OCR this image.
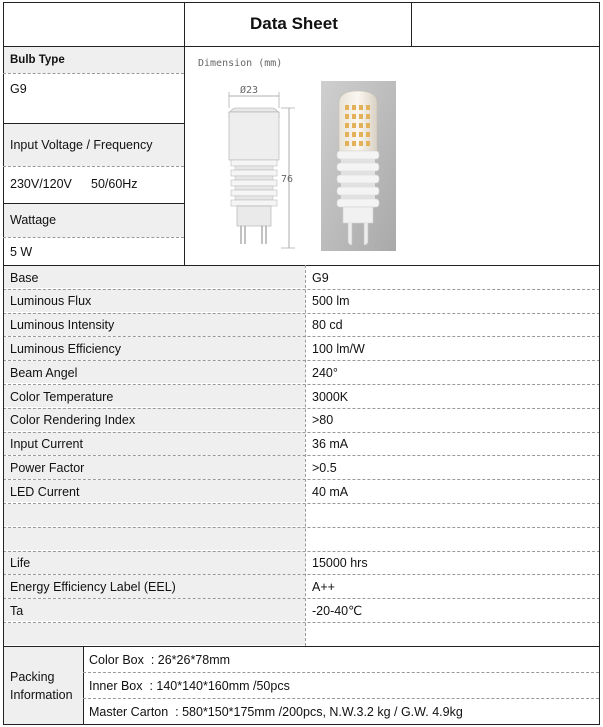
Data Sheet
Bulb Type
G9
Input Voltage / Frequency
230V/120V 50/60Hz
Wattage
5 W
Dimension (mm)
Ø23
76
Base	G9
Luminous Flux	500 lm
Luminous Intensity	80 cd
Luminous Efficiency	100 lm/W
Beam Angel	240°
Color Temperature	3000K
Color Rendering Index	>80
Input Current	36 mA
Power Factor	>0.5
LED Current	40 mA
Life	15000 hrs
Energy Efficiency Label (EEL)	A++
Ta	-20-40℃
Packing
Information
Color Box  : 26*26*78mm
Inner Box  : 140*140*160mm /50pcs
Master Carton  : 580*150*175mm /200pcs, N.W.3.2 kg / G.W. 4.9kg
